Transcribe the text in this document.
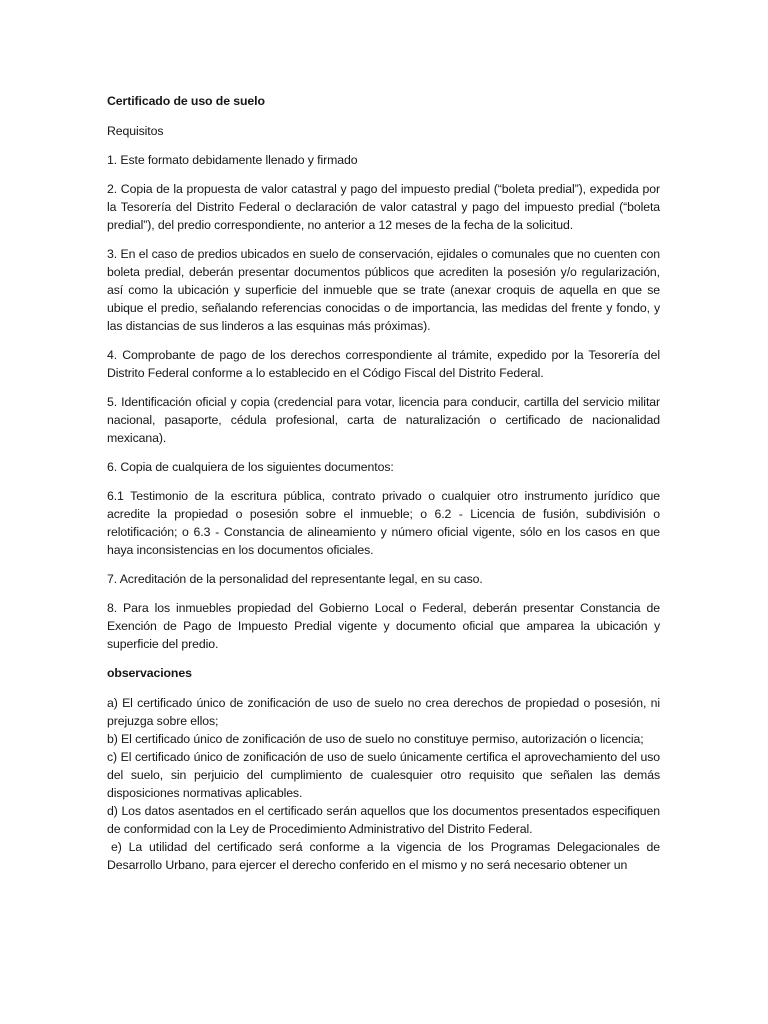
Certificado de uso de suelo
Requisitos

1. Este formato debidamente llenado y firmado

2. Copia de la propuesta de valor catastral y pago del impuesto predial (“boleta predial”), expedida por la Tesorería del Distrito Federal o declaración de valor catastral y pago del impuesto predial (“boleta predial”), del predio correspondiente, no anterior a 12 meses de la fecha de la solicitud.

3. En el caso de predios ubicados en suelo de conservación, ejidales o comunales que no cuenten con boleta predial, deberán presentar documentos públicos que acrediten la posesión y/o regularización, así como la ubicación y superficie del inmueble que se trate (anexar croquis de aquella en que se ubique el predio, señalando referencias conocidas o de importancia, las medidas del frente y fondo, y las distancias de sus linderos a las esquinas más próximas).

4. Comprobante de pago de los derechos correspondiente al trámite, expedido por la Tesorería del Distrito Federal conforme a lo establecido en el Código Fiscal del Distrito Federal.

5. Identificación oficial y copia (credencial para votar, licencia para conducir, cartilla del servicio militar nacional, pasaporte, cédula profesional, carta de naturalización o certificado de nacionalidad mexicana).

6. Copia de cualquiera de los siguientes documentos:

6.1 Testimonio de la escritura pública, contrato privado o cualquier otro instrumento jurídico que acredite la propiedad o posesión sobre el inmueble; o 6.2 - Licencia de fusión, subdivisión o relotificación; o 6.3 - Constancia de alineamiento y número oficial vigente, sólo en los casos en que haya inconsistencias en los documentos oficiales.

7. Acreditación de la personalidad del representante legal, en su caso.

8. Para los inmuebles propiedad del Gobierno Local o Federal, deberán presentar Constancia de Exención de Pago de Impuesto Predial vigente y documento oficial que amparea la ubicación y superficie del predio.

observaciones

a) El certificado único de zonificación de uso de suelo no crea derechos de propiedad o posesión, ni prejuzga sobre ellos;

b) El certificado único de zonificación de uso de suelo no constituye permiso, autorización o licencia;

c) El certificado único de zonificación de uso de suelo únicamente certifica el aprovechamiento del uso del suelo, sin perjuicio del cumplimiento de cualesquier otro requisito que señalen las demás disposiciones normativas aplicables.

d) Los datos asentados en el certificado serán aquellos que los documentos presentados especifiquen de conformidad con la Ley de Procedimiento Administrativo del Distrito Federal.

e) La utilidad del certificado será conforme a la vigencia de los Programas Delegacionales de Desarrollo Urbano, para ejercer el derecho conferido en el mismo y no será necesario obtener un
